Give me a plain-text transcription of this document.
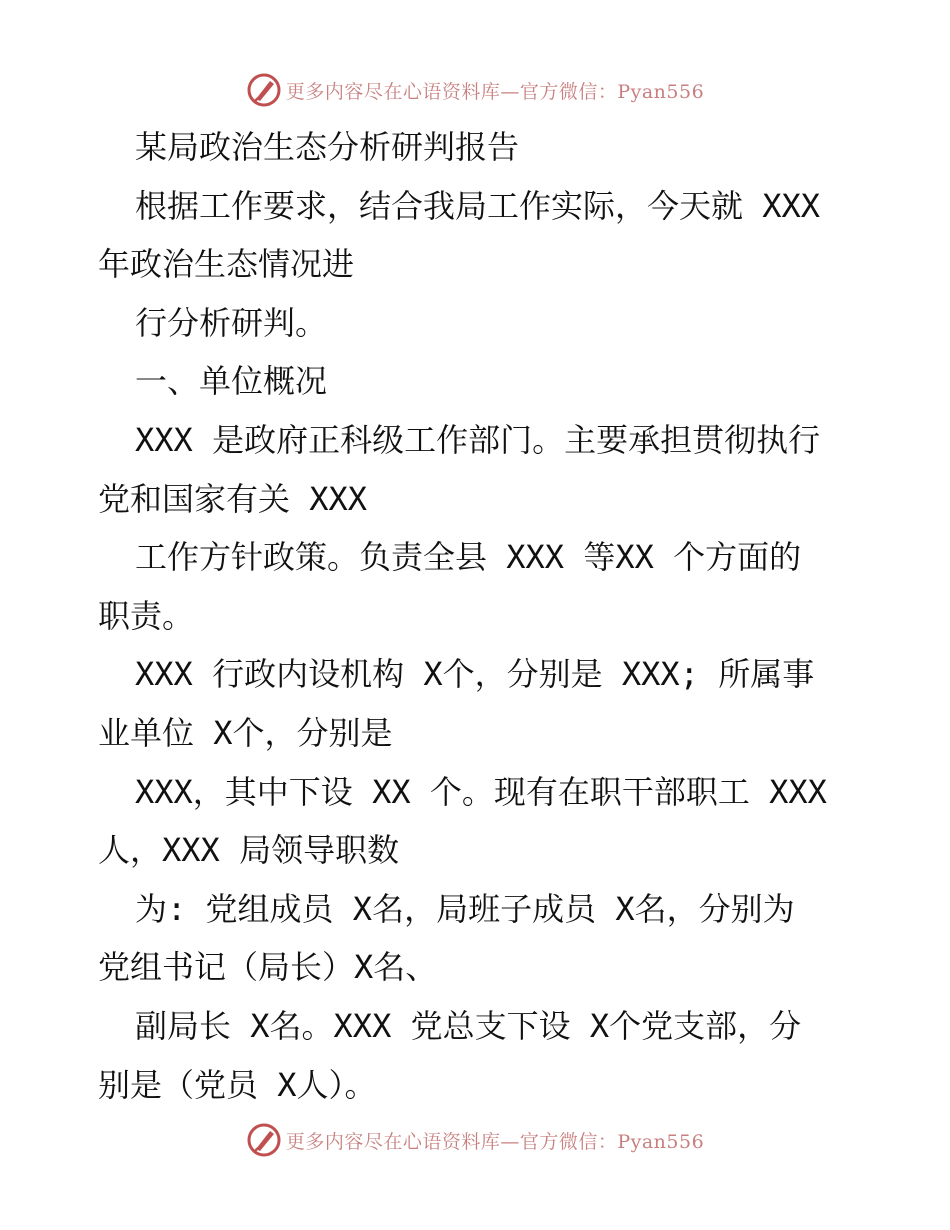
更多内容尽在心语资料库—官方微信：Pyan556
某局政治生态分析研判报告
根据工作要求，结合我局工作实际，今天就 XXX
年政治生态情况进
行分析研判。
一、单位概况
XXX 是政府正科级工作部门。主要承担贯彻执行
党和国家有关 XXX
工作方针政策。负责全县 XXX 等XX 个方面的
职责。
XXX 行政内设机构 X个，分别是 XXX; 所属事
业单位 X个，分别是
XXX，其中下设 XX 个。现有在职干部职工 XXX
人，XXX 局领导职数
为: 党组成员 X名，局班子成员 X名，分别为
党组书记（局长）X名、
副局长 X名。XXX 党总支下设 X个党支部，分
别是（党员 X人）。
更多内容尽在心语资料库—官方微信：Pyan556
